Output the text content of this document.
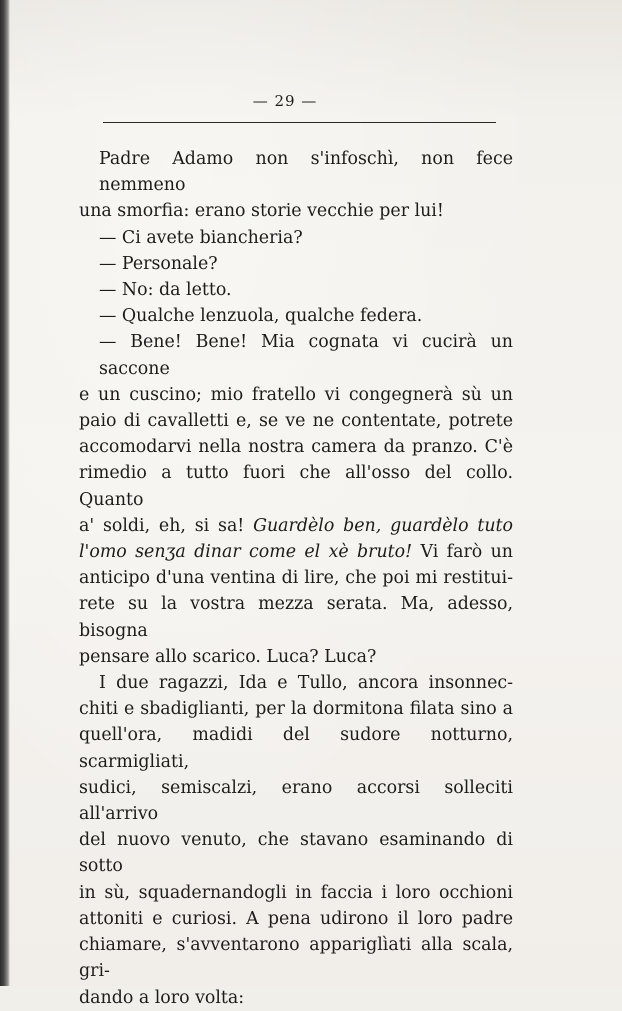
— 29 —
Padre Adamo non s'infoschì, non fece nemmeno
una smorfia: erano storie vecchie per lui!
— Ci avete biancheria?
— Personale?
— No: da letto.
— Qualche lenzuola, qualche federa.
— Bene! Bene! Mia cognata vi cucirà un saccone
e un cuscino; mio fratello vi congegnerà sù un
paio di cavalletti e, se ve ne contentate, potrete
accomodarvi nella nostra camera da pranzo. C'è
rimedio a tutto fuori che all'osso del collo. Quanto
a' soldi, eh, si sa! Guardèlo ben, guardèlo tuto
l'omo senʒa dinar come el xè bruto! Vi farò un
anticipo d'una ventina di lire, che poi mi restitui-
rete su la vostra mezza serata. Ma, adesso, bisogna
pensare allo scarico. Luca? Luca?
I due ragazzi, Ida e Tullo, ancora insonnec-
chiti e sbadiglianti, per la dormitona filata sino a
quell'ora, madidi del sudore notturno, scarmigliati,
sudici, semiscalzi, erano accorsi solleciti all'arrivo
del nuovo venuto, che stavano esaminando di sotto
in sù, squadernandogli in faccia i loro occhioni
attoniti e curiosi. A pena udirono il loro padre
chiamare, s'avventarono appariglìati alla scala, gri-
dando a loro volta:
